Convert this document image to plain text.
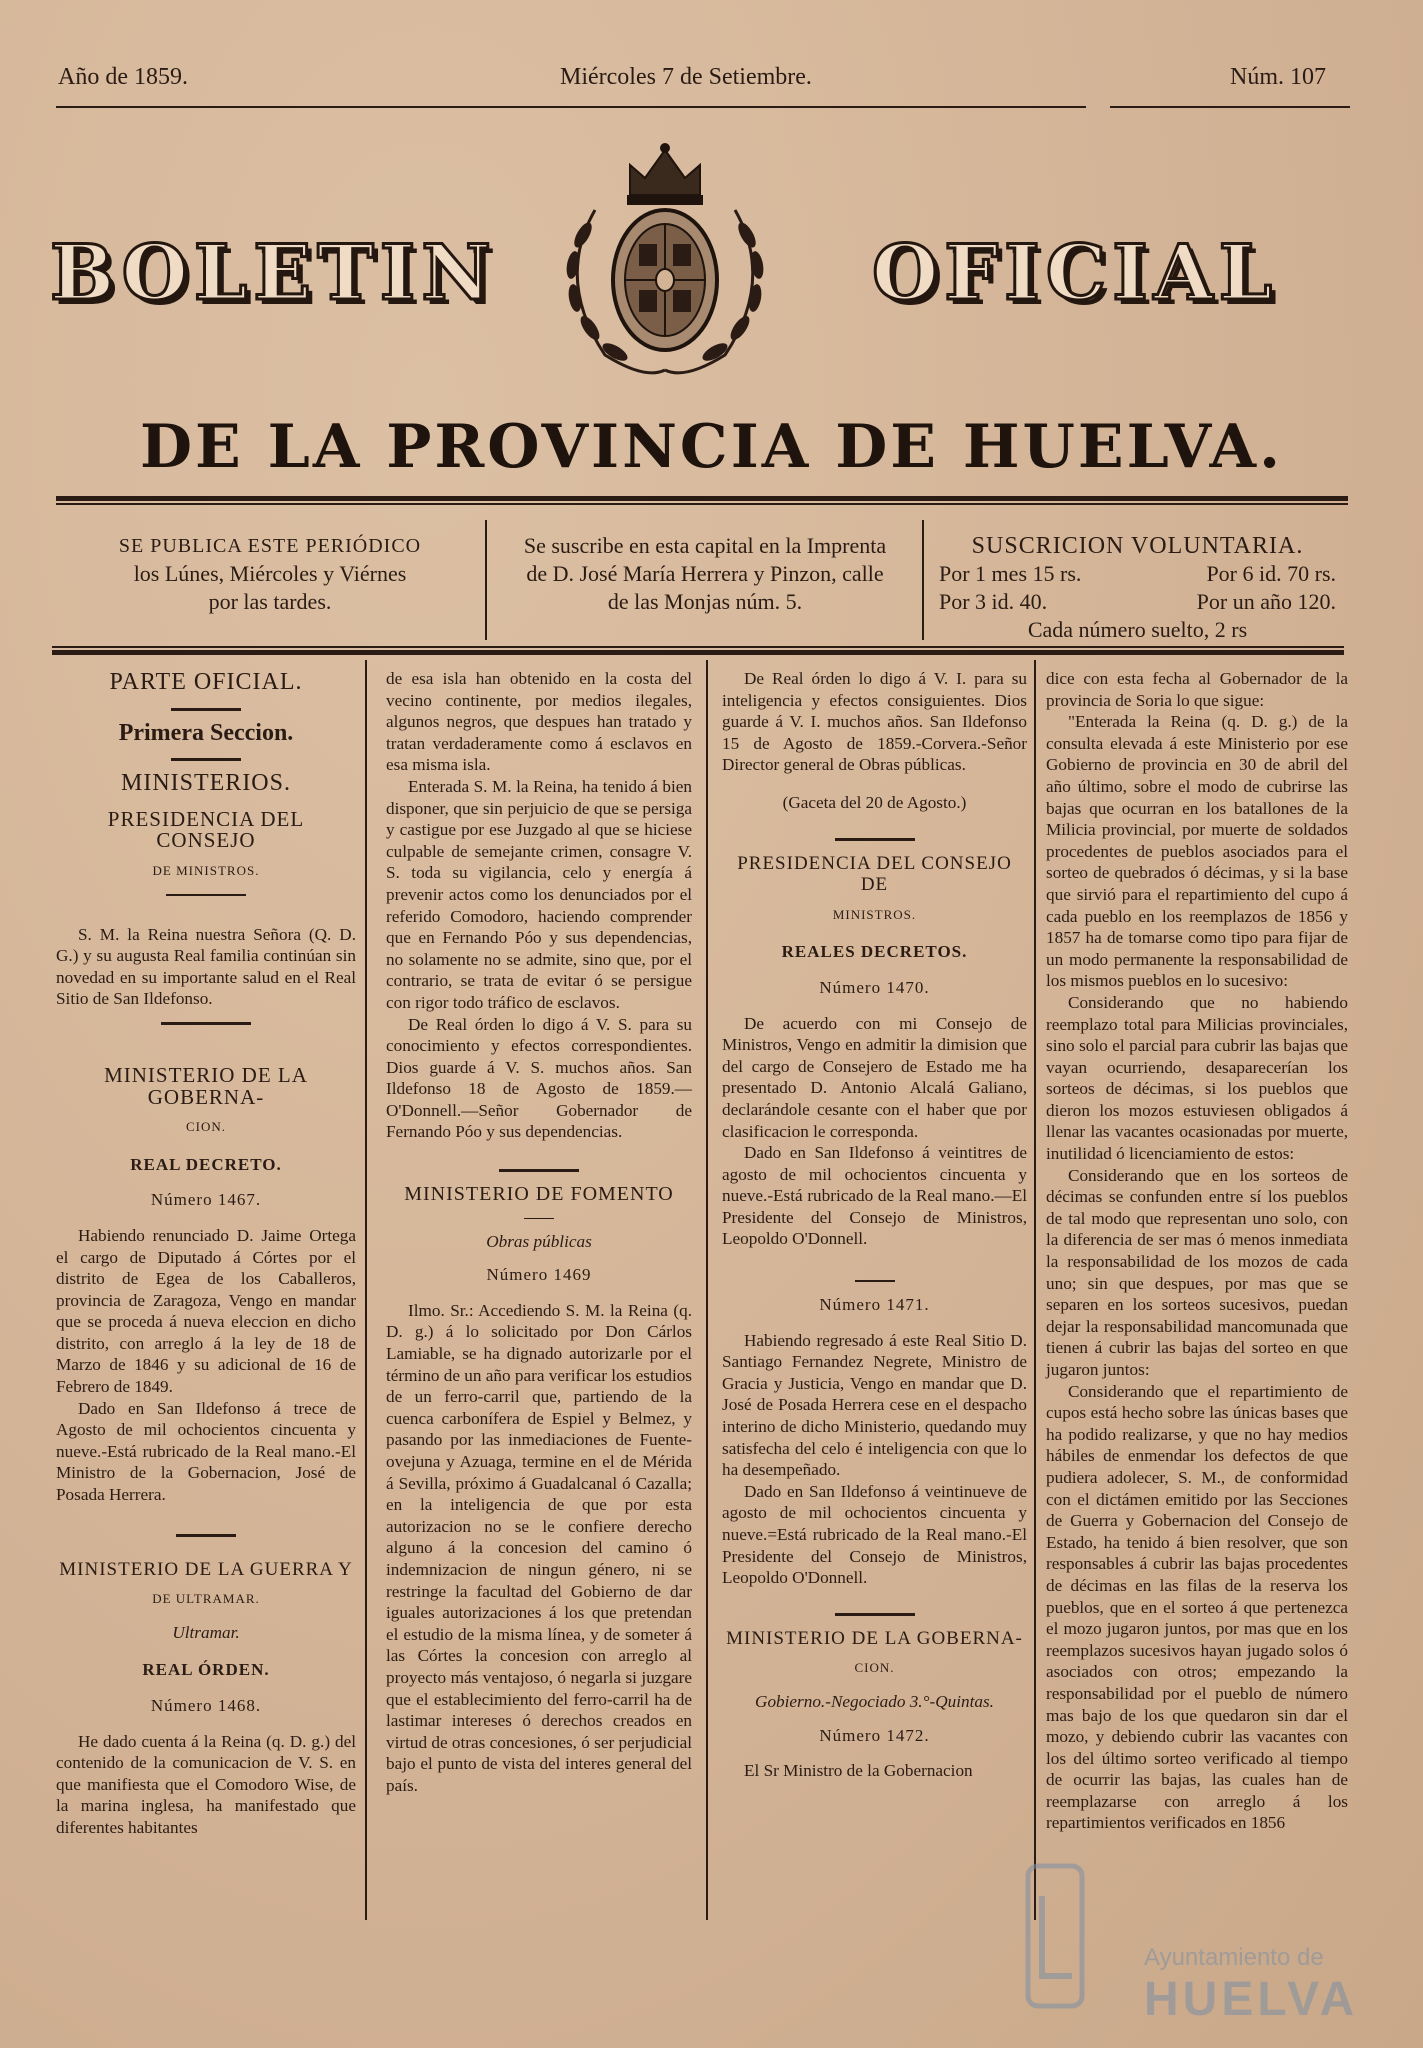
Año de 1859.	Miércoles 7 de Setiembre.	Núm. 107
BOLETIN	OFICIAL
DE LA PROVINCIA DE HUELVA.
SE PUBLICA ESTE PERIÓDICO
los Lúnes, Miércoles y Viérnes
por las tardes.
Se suscribe en esta capital en la Imprenta
de D. José María Herrera y Pinzon, calle
de las Monjas núm. 5.
SUSCRICION VOLUNTARIA.
Por 1 mes 15 rs.	Por 6 id. 70 rs.
Por 3 id. 40.	Por un año 120.
Cada número suelto, 2 rs
PARTE OFICIAL.
Primera Seccion.
MINISTERIOS.
PRESIDENCIA DEL CONSEJO
DE MINISTROS.

S. M. la Reina nuestra Señora (Q. D. G.) y su augusta Real familia continúan sin novedad en su importante salud en el Real Sitio de San Ildefonso.

MINISTERIO DE LA GOBERNA-
CION.
REAL DECRETO.
Número 1467.

Habiendo renunciado D. Jaime Ortega el cargo de Diputado á Córtes por el distrito de Egea de los Caballeros, provincia de Zaragoza, Vengo en mandar que se proceda á nueva eleccion en dicho distrito, con arreglo á la ley de 18 de Marzo de 1846 y su adicional de 16 de Febrero de 1849.

Dado en San Ildefonso á trece de Agosto de mil ochocientos cincuenta y nueve.-Está rubricado de la Real mano.-El Ministro de la Gobernacion, José de Posada Herrera.

MINISTERIO DE LA GUERRA Y
DE ULTRAMAR.
Ultramar.
REAL ÓRDEN.
Número 1468.

He dado cuenta á la Reina (q. D. g.) del contenido de la comunicacion de V. S. en que manifiesta que el Comodoro Wise, de la marina inglesa, ha manifestado que diferentes habitantes

de esa isla han obtenido en la costa del vecino continente, por medios ilegales, algunos negros, que despues han tratado y tratan verdaderamente como á esclavos en esa misma isla.

Enterada S. M. la Reina, ha tenido á bien disponer, que sin perjuicio de que se persiga y castigue por ese Juzgado al que se hiciese culpable de semejante crimen, consagre V. S. toda su vigilancia, celo y energía á prevenir actos como los denunciados por el referido Comodoro, haciendo comprender que en Fernando Póo y sus dependencias, no solamente no se admite, sino que, por el contrario, se trata de evitar ó se persigue con rigor todo tráfico de esclavos.

De Real órden lo digo á V. S. para su conocimiento y efectos correspondientes. Dios guarde á V. S. muchos años. San Ildefonso 18 de Agosto de 1859.—O'Donnell.—Señor Gobernador de Fernando Póo y sus dependencias.

MINISTERIO DE FOMENTO
Obras públicas
Número 1469

Ilmo. Sr.: Accediendo S. M. la Reina (q. D. g.) á lo solicitado por Don Cárlos Lamiable, se ha dignado autorizarle por el término de un año para verificar los estudios de un ferro-carril que, partiendo de la cuenca carbonífera de Espiel y Belmez, y pasando por las inmediaciones de Fuente-ovejuna y Azuaga, termine en el de Mérida á Sevilla, próximo á Guadalcanal ó Cazalla; en la inteligencia de que por esta autorizacion no se le confiere derecho alguno á la concesion del camino ó indemnizacion de ningun género, ni se restringe la facultad del Gobierno de dar iguales autorizaciones á los que pretendan el estudio de la misma línea, y de someter á las Córtes la concesion con arreglo al proyecto más ventajoso, ó negarla si juzgare que el establecimiento del ferro-carril ha de lastimar intereses ó derechos creados en virtud de otras concesiones, ó ser perjudicial bajo el punto de vista del interes general del país.

De Real órden lo digo á V. I. para su inteligencia y efectos consiguientes. Dios guarde á V. I. muchos años. San Ildefonso 15 de Agosto de 1859.-Corvera.-Señor Director general de Obras públicas.

(Gaceta del 20 de Agosto.)
PRESIDENCIA DEL CONSEJO DE
MINISTROS.
REALES DECRETOS.
Número 1470.

De acuerdo con mi Consejo de Ministros, Vengo en admitir la dimision que del cargo de Consejero de Estado me ha presentado D. Antonio Alcalá Galiano, declarándole cesante con el haber que por clasificacion le corresponda.

Dado en San Ildefonso á veintitres de agosto de mil ochocientos cincuenta y nueve.-Está rubricado de la Real mano.—El Presidente del Consejo de Ministros, Leopoldo O'Donnell.

Número 1471.

Habiendo regresado á este Real Sitio D. Santiago Fernandez Negrete, Ministro de Gracia y Justicia, Vengo en mandar que D. José de Posada Herrera cese en el despacho interino de dicho Ministerio, quedando muy satisfecha del celo é inteligencia con que lo ha desempeñado.

Dado en San Ildefonso á veintinueve de agosto de mil ochocientos cincuenta y nueve.=Está rubricado de la Real mano.-El Presidente del Consejo de Ministros, Leopoldo O'Donnell.

MINISTERIO DE LA GOBERNA-
CION.
Gobierno.-Negociado 3.°-Quintas.
Número 1472.

El Sr Ministro de la Gobernacion

dice con esta fecha al Gobernador de la provincia de Soria lo que sigue:

"Enterada la Reina (q. D. g.) de la consulta elevada á este Ministerio por ese Gobierno de provincia en 30 de abril del año último, sobre el modo de cubrirse las bajas que ocurran en los batallones de la Milicia provincial, por muerte de soldados procedentes de pueblos asociados para el sorteo de quebrados ó décimas, y si la base que sirvió para el repartimiento del cupo á cada pueblo en los reemplazos de 1856 y 1857 ha de tomarse como tipo para fijar de un modo permanente la responsabilidad de los mismos pueblos en lo sucesivo:

Considerando que no habiendo reemplazo total para Milicias provinciales, sino solo el parcial para cubrir las bajas que vayan ocurriendo, desaparecerían los sorteos de décimas, si los pueblos que dieron los mozos estuviesen obligados á llenar las vacantes ocasionadas por muerte, inutilidad ó licenciamiento de estos:

Considerando que en los sorteos de décimas se confunden entre sí los pueblos de tal modo que representan uno solo, con la diferencia de ser mas ó menos inmediata la responsabilidad de los mozos de cada uno; sin que despues, por mas que se separen en los sorteos sucesivos, puedan dejar la responsabilidad mancomunada que tienen á cubrir las bajas del sorteo en que jugaron juntos:

Considerando que el repartimiento de cupos está hecho sobre las únicas bases que ha podido realizarse, y que no hay medios hábiles de enmendar los defectos de que pudiera adolecer, S. M., de conformidad con el dictámen emitido por las Secciones de Guerra y Gobernacion del Consejo de Estado, ha tenido á bien resolver, que son responsables á cubrir las bajas procedentes de décimas en las filas de la reserva los pueblos, que en el sorteo á que pertenezca el mozo jugaron juntos, por mas que en los reemplazos sucesivos hayan jugado solos ó asociados con otros; empezando la responsabilidad por el pueblo de número mas bajo de los que quedaron sin dar el mozo, y debiendo cubrir las vacantes con los del último sorteo verificado al tiempo de ocurrir las bajas, las cuales han de reemplazarse con arreglo á los repartimientos verificados en 1856

Ayuntamiento de
HUELVA
